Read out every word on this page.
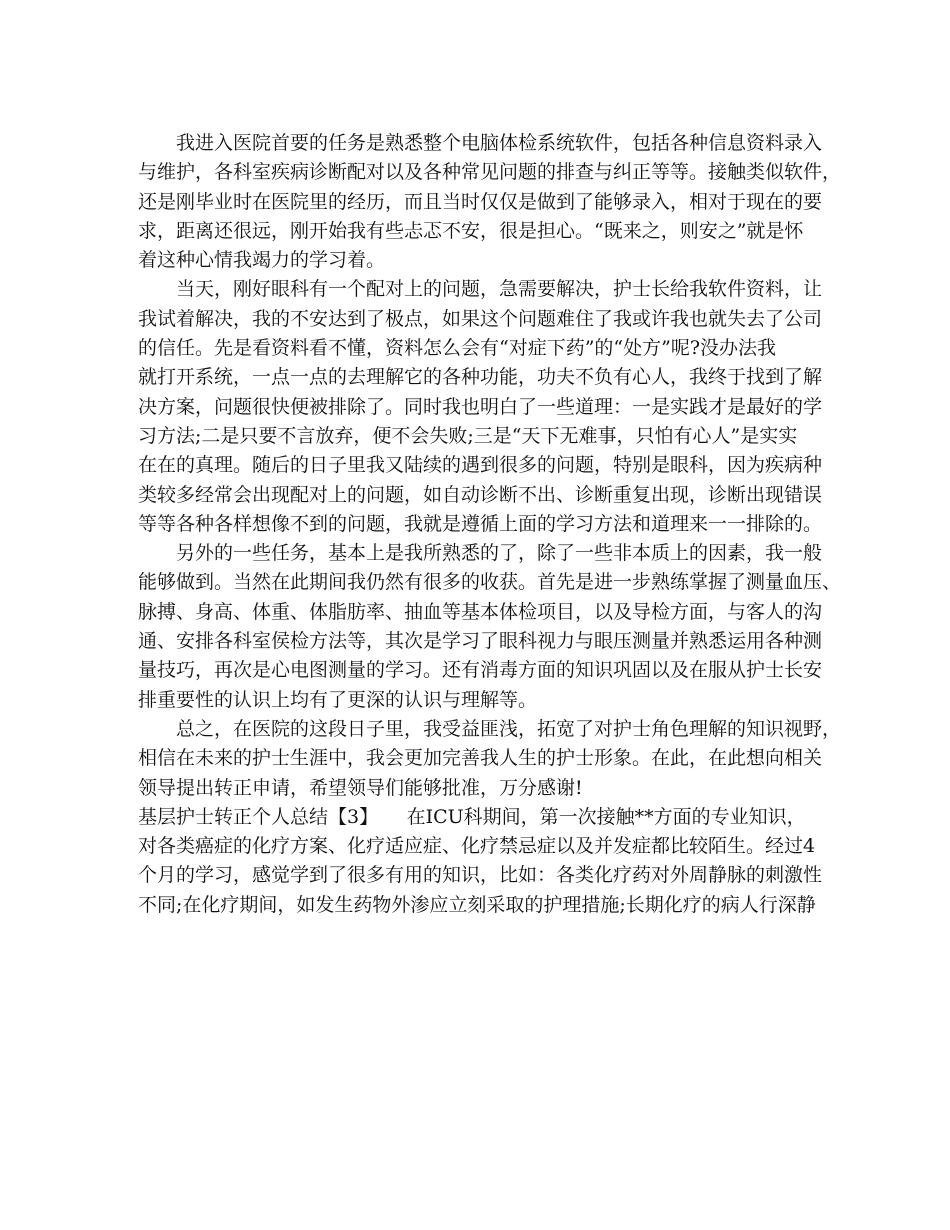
　　我进入医院首要的任务是熟悉整个电脑体检系统软件，包括各种信息资料录入
与维护，各科室疾病诊断配对以及各种常见问题的排查与纠正等等。接触类似软件，
还是刚毕业时在医院里的经历，而且当时仅仅是做到了能够录入，相对于现在的要
求，距离还很远，刚开始我有些忐忑不安，很是担心。“既来之，则安之”就是怀
着这种心情我竭力的学习着。
　　当天，刚好眼科有一个配对上的问题，急需要解决，护士长给我软件资料，让
我试着解决，我的不安达到了极点，如果这个问题难住了我或许我也就失去了公司
的信任。先是看资料看不懂，资料怎么会有“对症下药”的“处方”呢?没办法我
就打开系统，一点一点的去理解它的各种功能，功夫不负有心人，我终于找到了解
决方案，问题很快便被排除了。同时我也明白了一些道理：一是实践才是最好的学
习方法;二是只要不言放弃，便不会失败;三是“天下无难事，只怕有心人”是实实
在在的真理。随后的日子里我又陆续的遇到很多的问题，特别是眼科，因为疾病种
类较多经常会出现配对上的问题，如自动诊断不出、诊断重复出现，诊断出现错误
等等各种各样想像不到的问题，我就是遵循上面的学习方法和道理来一一排除的。
　　另外的一些任务，基本上是我所熟悉的了，除了一些非本质上的因素，我一般
能够做到。当然在此期间我仍然有很多的收获。首先是进一步熟练掌握了测量血压、
脉搏、身高、体重、体脂肪率、抽血等基本体检项目，以及导检方面，与客人的沟
通、安排各科室侯检方法等，其次是学习了眼科视力与眼压测量并熟悉运用各种测
量技巧，再次是心电图测量的学习。还有消毒方面的知识巩固以及在服从护士长安
排重要性的认识上均有了更深的认识与理解等。
　　总之，在医院的这段日子里，我受益匪浅，拓宽了对护士角色理解的知识视野，
相信在未来的护士生涯中，我会更加完善我人生的护士形象。在此，在此想向相关
领导提出转正申请，希望领导们能够批准，万分感谢!
基层护士转正个人总结【3】　　在ICU科期间，第一次接触**方面的专业知识，
对各类癌症的化疗方案、化疗适应症、化疗禁忌症以及并发症都比较陌生。经过4
个月的学习，感觉学到了很多有用的知识，比如：各类化疗药对外周静脉的刺激性
不同;在化疗期间，如发生药物外渗应立刻采取的护理措施;长期化疗的病人行深静
